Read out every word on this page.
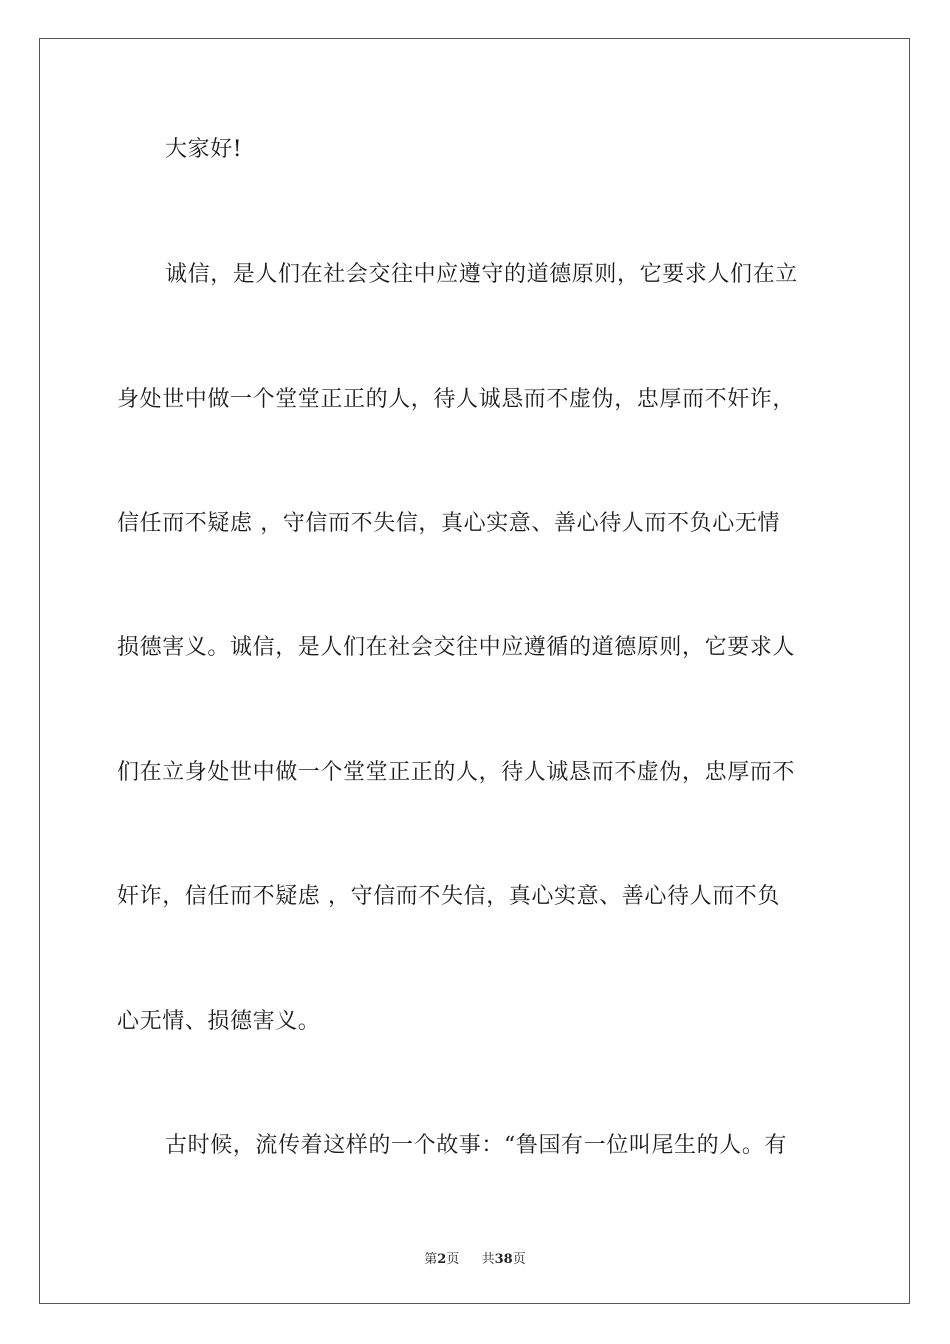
大家好!
诚信，是人们在社会交往中应遵守的道德原则，它要求人们在立
身处世中做一个堂堂正正的人，待人诚恳而不虚伪，忠厚而不奸诈，
信任而不疑虑 ，守信而不失信，真心实意、善心待人而不负心无情
损德害义。诚信，是人们在社会交往中应遵循的道德原则，它要求人
们在立身处世中做一个堂堂正正的人，待人诚恳而不虚伪，忠厚而不
奸诈，信任而不疑虑 ，守信而不失信，真心实意、善心待人而不负
心无情、损德害义。
古时候，流传着这样的一个故事：“鲁国有一位叫尾生的人。有
第2页 共38页
